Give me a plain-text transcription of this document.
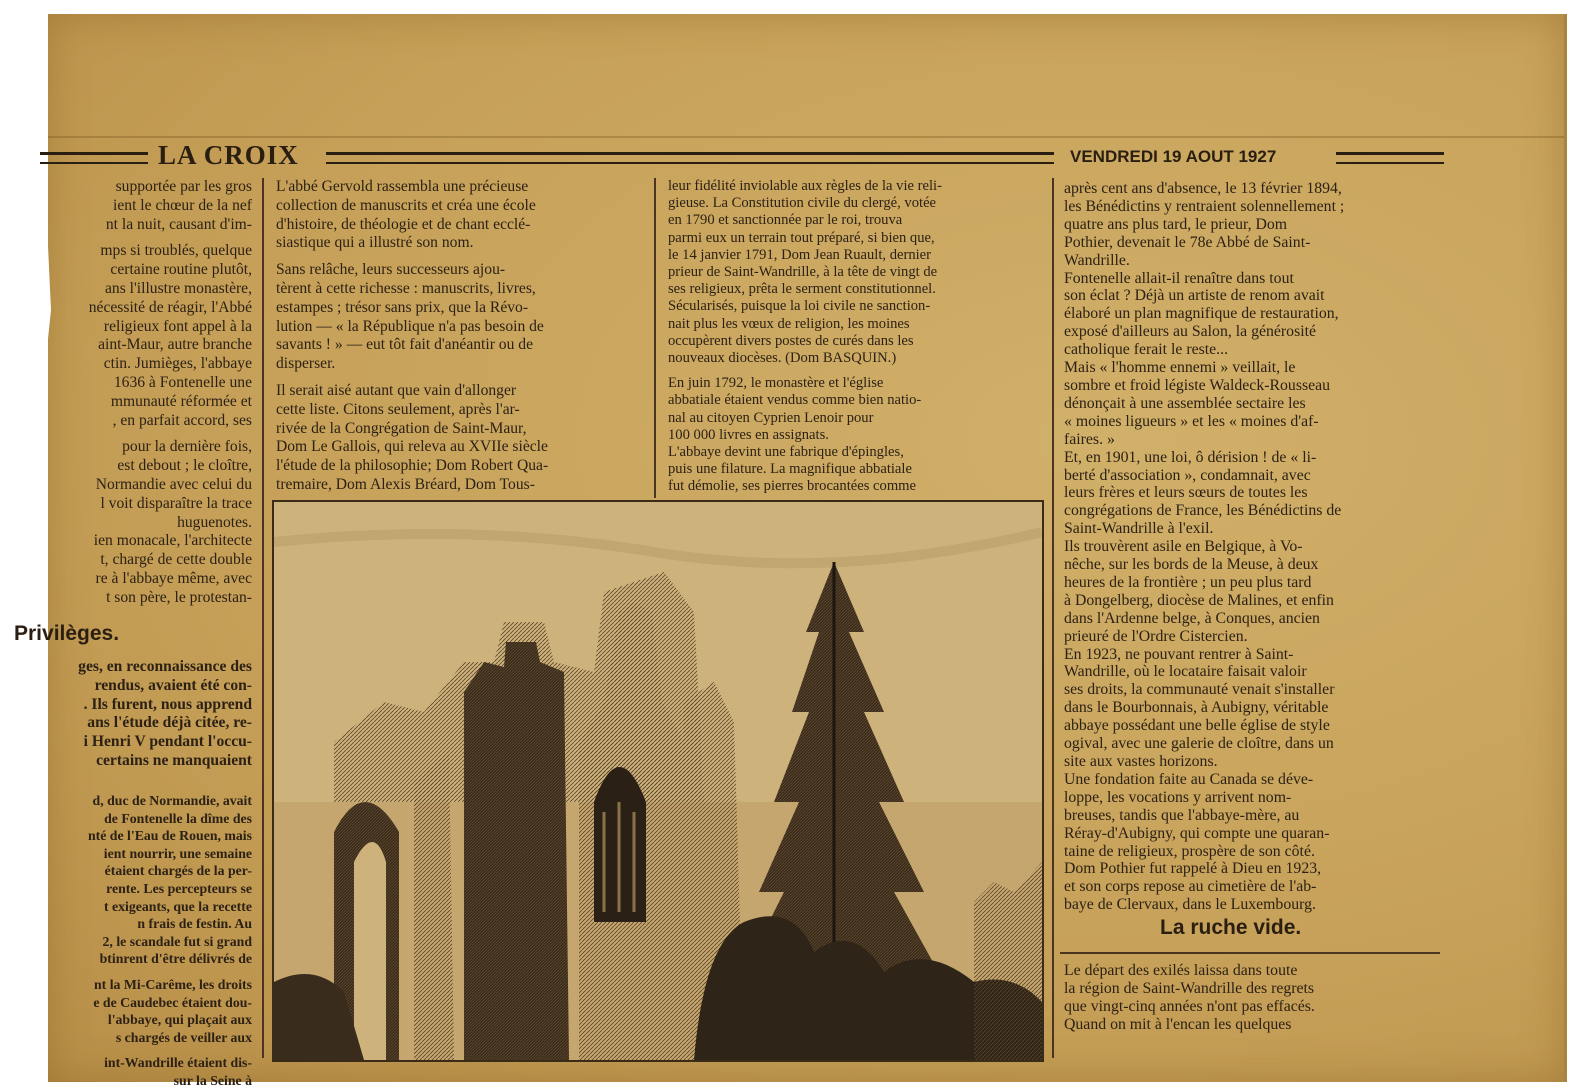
LA CROIX	VENDREDI 19 AOUT 1927
supportée par les gros
ient le chœur de la nef
nt la nuit, causant d'im-

mps si troublés, quelque
certaine routine plutôt,
ans l'illustre monastère,
nécessité de réagir, l'Abbé
religieux font appel à la
aint-Maur, autre branche
ctin. Jumièges, l'abbaye
1636 à Fontenelle une
mmunauté réformée et
, en parfait accord, ses

pour la dernière fois,
est debout ; le cloître,
Normandie avec celui du
l voit disparaître la trace
huguenotes.
ien monacale, l'architecte
t, chargé de cette double
re à l'abbaye même, avec
t son père, le protestan-
Privilèges.
ges, en reconnaissance des
rendus, avaient été con-
. Ils furent, nous apprend
ans l'étude déjà citée, re-
i Henri V pendant l'occu-
certains ne manquaient
d, duc de Normandie, avait
de Fontenelle la dîme des
nté de l'Eau de Rouen, mais
ient nourrir, une semaine
étaient chargés de la per-
rente. Les percepteurs se
t exigeants, que la recette
n frais de festin. Au
2, le scandale fut si grand
btinrent d'être délivrés de

nt la Mi-Carême, les droits
e de Caudebec étaient dou-
l'abbaye, qui plaçait aux
s chargés de veiller aux

int-Wandrille étaient dis-
sur la Seine à
L'abbé Gervold rassembla une précieuse
collection de manuscrits et créa une école
d'histoire, de théologie et de chant ecclé-
siastique qui a illustré son nom.

Sans relâche, leurs successeurs ajou-
tèrent à cette richesse : manuscrits, livres,
estampes ; trésor sans prix, que la Révo-
lution — « la République n'a pas besoin de
savants ! » — eut tôt fait d'anéantir ou de
disperser.

Il serait aisé autant que vain d'allonger
cette liste. Citons seulement, après l'ar-
rivée de la Congrégation de Saint-Maur,
Dom Le Gallois, qui releva au XVIIe siècle
l'étude de la philosophie; Dom Robert Qua-
tremaire, Dom Alexis Bréard, Dom Tous-
leur fidélité inviolable aux règles de la vie reli-
gieuse. La Constitution civile du clergé, votée
en 1790 et sanctionnée par le roi, trouva
parmi eux un terrain tout préparé, si bien que,
le 14 janvier 1791, Dom Jean Ruault, dernier
prieur de Saint-Wandrille, à la tête de vingt de
ses religieux, prêta le serment constitutionnel.
Sécularisés, puisque la loi civile ne sanction-
nait plus les vœux de religion, les moines
occupèrent divers postes de curés dans les
nouveaux diocèses. (Dom BASQUIN.)

En juin 1792, le monastère et l'église
abbatiale étaient vendus comme bien natio-
nal au citoyen Cyprien Lenoir pour
100 000 livres en assignats.
L'abbaye devint une fabrique d'épingles,
puis une filature. La magnifique abbatiale
fut démolie, ses pierres brocantées comme
après cent ans d'absence, le 13 février 1894,
les Bénédictins y rentraient solennellement ;
quatre ans plus tard, le prieur, Dom
Pothier, devenait le 78e Abbé de Saint-
Wandrille.
Fontenelle allait-il renaître dans tout
son éclat ? Déjà un artiste de renom avait
élaboré un plan magnifique de restauration,
exposé d'ailleurs au Salon, la générosité
catholique ferait le reste...
Mais « l'homme ennemi » veillait, le
sombre et froid légiste Waldeck-Rousseau
dénonçait à une assemblée sectaire les
« moines ligueurs » et les « moines d'af-
faires. »
Et, en 1901, une loi, ô dérision ! de « li-
berté d'association », condamnait, avec
leurs frères et leurs sœurs de toutes les
congrégations de France, les Bénédictins de
Saint-Wandrille à l'exil.
Ils trouvèrent asile en Belgique, à Vo-
nêche, sur les bords de la Meuse, à deux
heures de la frontière ; un peu plus tard
à Dongelberg, diocèse de Malines, et enfin
dans l'Ardenne belge, à Conques, ancien
prieuré de l'Ordre Cistercien.
En 1923, ne pouvant rentrer à Saint-
Wandrille, où le locataire faisait valoir
ses droits, la communauté venait s'installer
dans le Bourbonnais, à Aubigny, véritable
abbaye possédant une belle église de style
ogival, avec une galerie de cloître, dans un
site aux vastes horizons.
Une fondation faite au Canada se déve-
loppe, les vocations y arrivent nom-
breuses, tandis que l'abbaye-mère, au
Réray-d'Aubigny, qui compte une quaran-
taine de religieux, prospère de son côté.
Dom Pothier fut rappelé à Dieu en 1923,
et son corps repose au cimetière de l'ab-
baye de Clervaux, dans le Luxembourg.
La ruche vide.
Le départ des exilés laissa dans toute
la région de Saint-Wandrille des regrets
que vingt-cinq années n'ont pas effacés.
Quand on mit à l'encan les quelques
